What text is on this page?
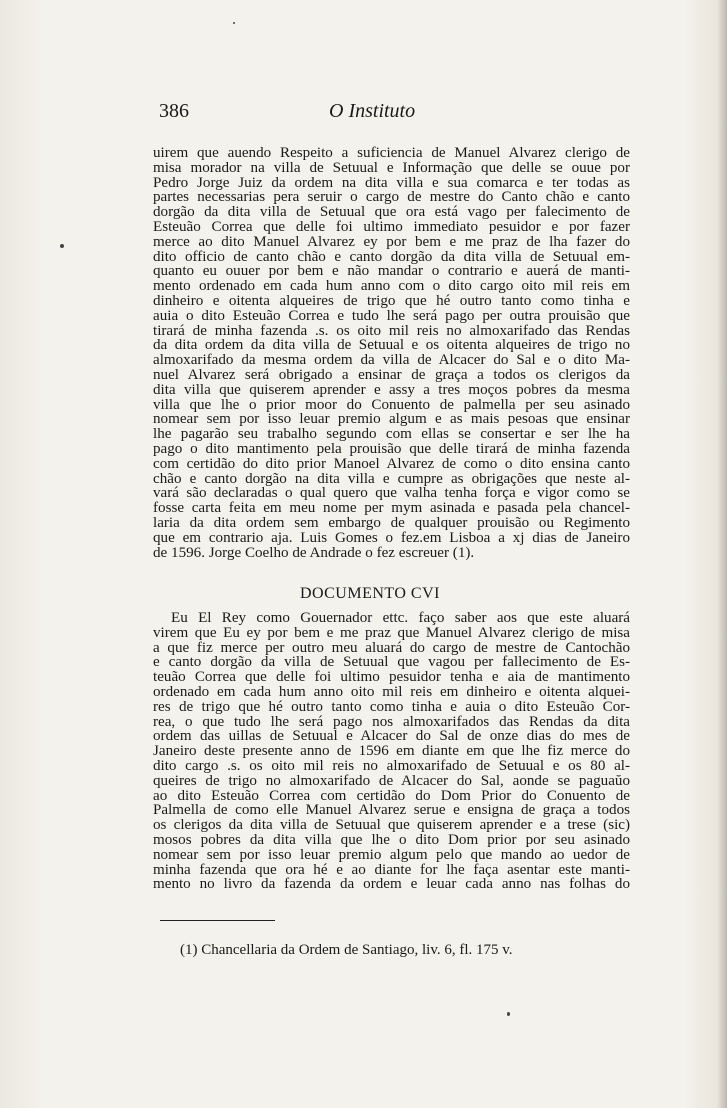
386	O Instituto
uirem que auendo Respeito a suficiencia de Manuel Alvarez clerigo de
misa morador na villa de Setuual e Informação que delle se ouue por
Pedro Jorge Juiz da ordem na dita villa e sua comarca e ter todas as
partes necessarias pera seruir o cargo de mestre do Canto chão e canto
dorgão da dita villa de Setuual que ora está vago per falecimento de
Esteuão Correa que delle foi ultimo immediato pesuidor e por fazer
merce ao dito Manuel Alvarez ey por bem e me praz de lha fazer do
dito officio de canto chão e canto dorgão da dita villa de Setuual em-
quanto eu ouuer por bem e não mandar o contrario e auerá de manti-
mento ordenado em cada hum anno com o dito cargo oito mil reis em
dinheiro e oitenta alqueires de trigo que hé outro tanto como tinha e
auia o dito Esteuão Correa e tudo lhe será pago per outra prouisão que
tirará de minha fazenda .s. os oito mil reis no almoxarifado das Rendas
da dita ordem da dita villa de Setuual e os oitenta alqueires de trigo no
almoxarifado da mesma ordem da villa de Alcacer do Sal e o dito Ma-
nuel Alvarez será obrigado a ensinar de graça a todos os clerigos da
dita villa que quiserem aprender e assy a tres moços pobres da mesma
villa que lhe o prior moor do Conuento de palmella per seu asinado
nomear sem por isso leuar premio algum e as mais pesoas que ensinar
lhe pagarão seu trabalho segundo com ellas se consertar e ser lhe ha
pago o dito mantimento pela prouisão que delle tirará de minha fazenda
com certidão do dito prior Manoel Alvarez de como o dito ensina canto
chão e canto dorgão na dita villa e cumpre as obrigações que neste al-
vará são declaradas o qual quero que valha tenha força e vigor como se
fosse carta feita em meu nome per mym asinada e pasada pela chancel-
laria da dita ordem sem embargo de qualquer prouisão ou Regimento
que em contrario aja. Luis Gomes o fez.em Lisboa a xj dias de Janeiro
de 1596. Jorge Coelho de Andrade o fez escreuer (1).
DOCUMENTO CVI
Eu El Rey como Gouernador ettc. faço saber aos que este aluará
virem que Eu ey por bem e me praz que Manuel Alvarez clerigo de misa
a que fiz merce per outro meu aluará do cargo de mestre de Cantochão
e canto dorgão da villa de Setuual que vagou per fallecimento de Es-
teuão Correa que delle foi ultimo pesuidor tenha e aia de mantimento
ordenado em cada hum anno oito mil reis em dinheiro e oitenta alquei-
res de trigo que hé outro tanto como tinha e auia o dito Esteuão Cor-
rea, o que tudo lhe será pago nos almoxarifados das Rendas da dita
ordem das uillas de Setuual e Alcacer do Sal de onze dias do mes de
Janeiro deste presente anno de 1596 em diante em que lhe fiz merce do
dito cargo .s. os oito mil reis no almoxarifado de Setuual e os 80 al-
queires de trigo no almoxarifado de Alcacer do Sal, aonde se paguaŭo
ao dito Esteuão Correa com certidão do Dom Prior do Conuento de
Palmella de como elle Manuel Alvarez serue e ensigna de graça a todos
os clerigos da dita villa de Setuual que quiserem aprender e a trese (sic)
mosos pobres da dita villa que lhe o dito Dom prior por seu asinado
nomear sem por isso leuar premio algum pelo que mando ao uedor de
minha fazenda que ora hé e ao diante for lhe faça asentar este manti-
mento no livro da fazenda da ordem e leuar cada anno nas folhas do
(1) Chancellaria da Ordem de Santiago, liv. 6, fl. 175 v.
